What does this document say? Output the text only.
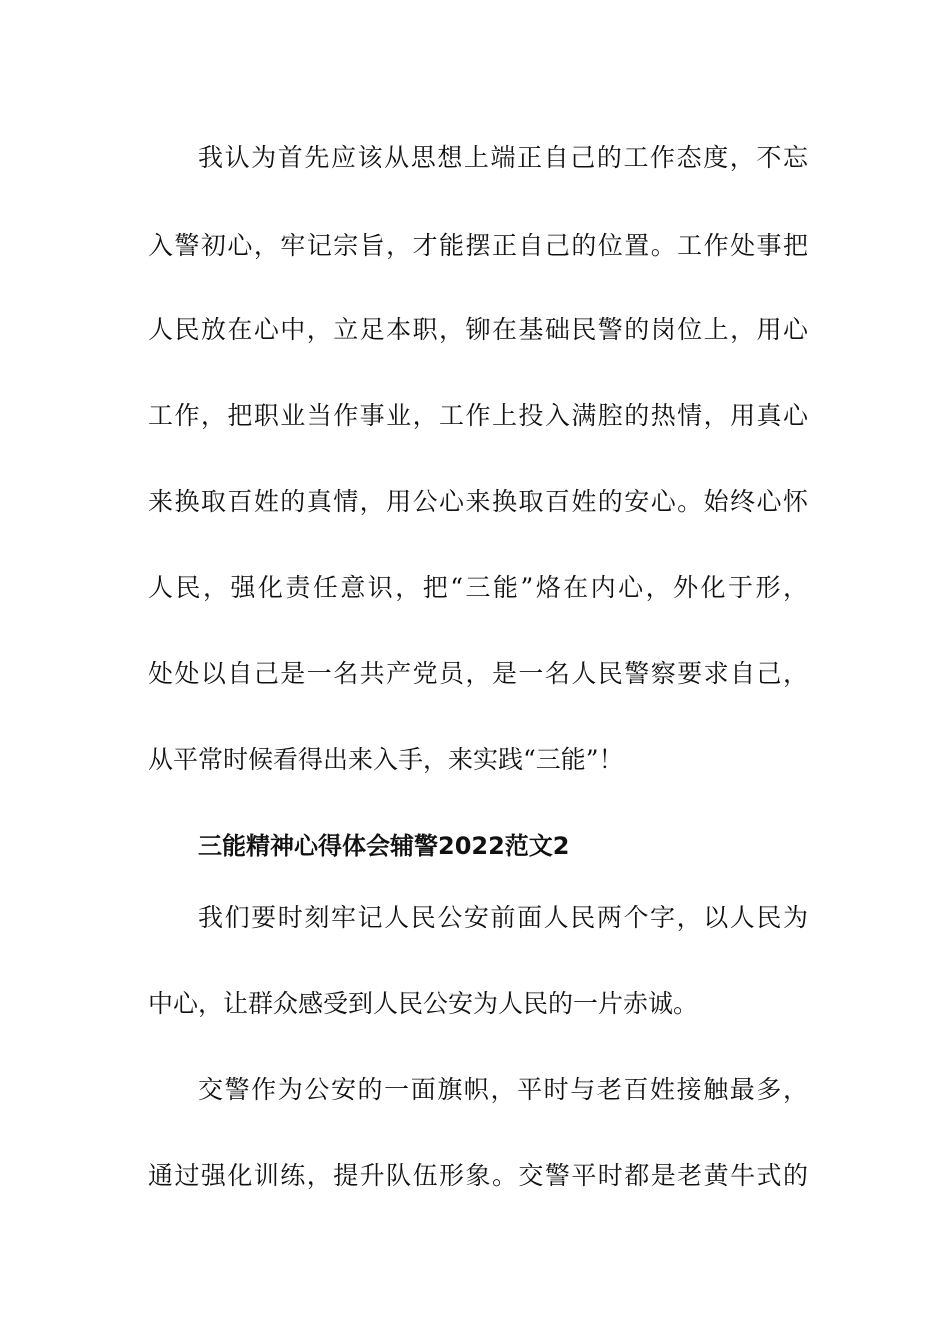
我认为首先应该从思想上端正自己的工作态度，不忘
入警初心，牢记宗旨，才能摆正自己的位置。工作处事把
人民放在心中，立足本职，铆在基础民警的岗位上，用心
工作，把职业当作事业，工作上投入满腔的热情，用真心
来换取百姓的真情，用公心来换取百姓的安心。始终心怀
人民，强化责任意识，把“三能”烙在内心，外化于形，
处处以自己是一名共产党员，是一名人民警察要求自己，
从平常时候看得出来入手，来实践“三能”！
三能精神心得体会辅警2022范文2
我们要时刻牢记人民公安前面人民两个字，以人民为
中心，让群众感受到人民公安为人民的一片赤诚。
交警作为公安的一面旗帜，平时与老百姓接触最多，
通过强化训练，提升队伍形象。交警平时都是老黄牛式的
